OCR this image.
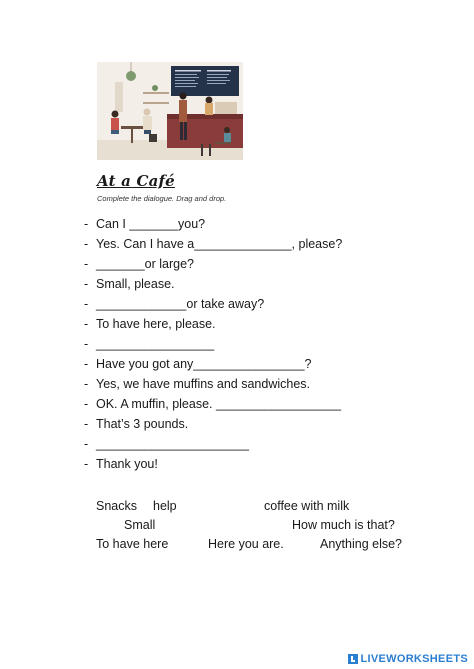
At a Café
Complete the dialogue. Drag and drop.
- Can I _______you?
- Yes. Can I have a______________, please?
- _______or large?
- Small, please.
- _____________or take away?
- To have here, please.
- _________________
- Have you got any________________?
- Yes, we have muffins and sandwiches.
- OK. A muffin, please. __________________
- That’s 3 pounds.
- ______________________
- Thank you!
Snacks help	coffee with milk
Small	How much is that?
To have here	Here you are.	Anything else?
LIVEWORKSHEETS
